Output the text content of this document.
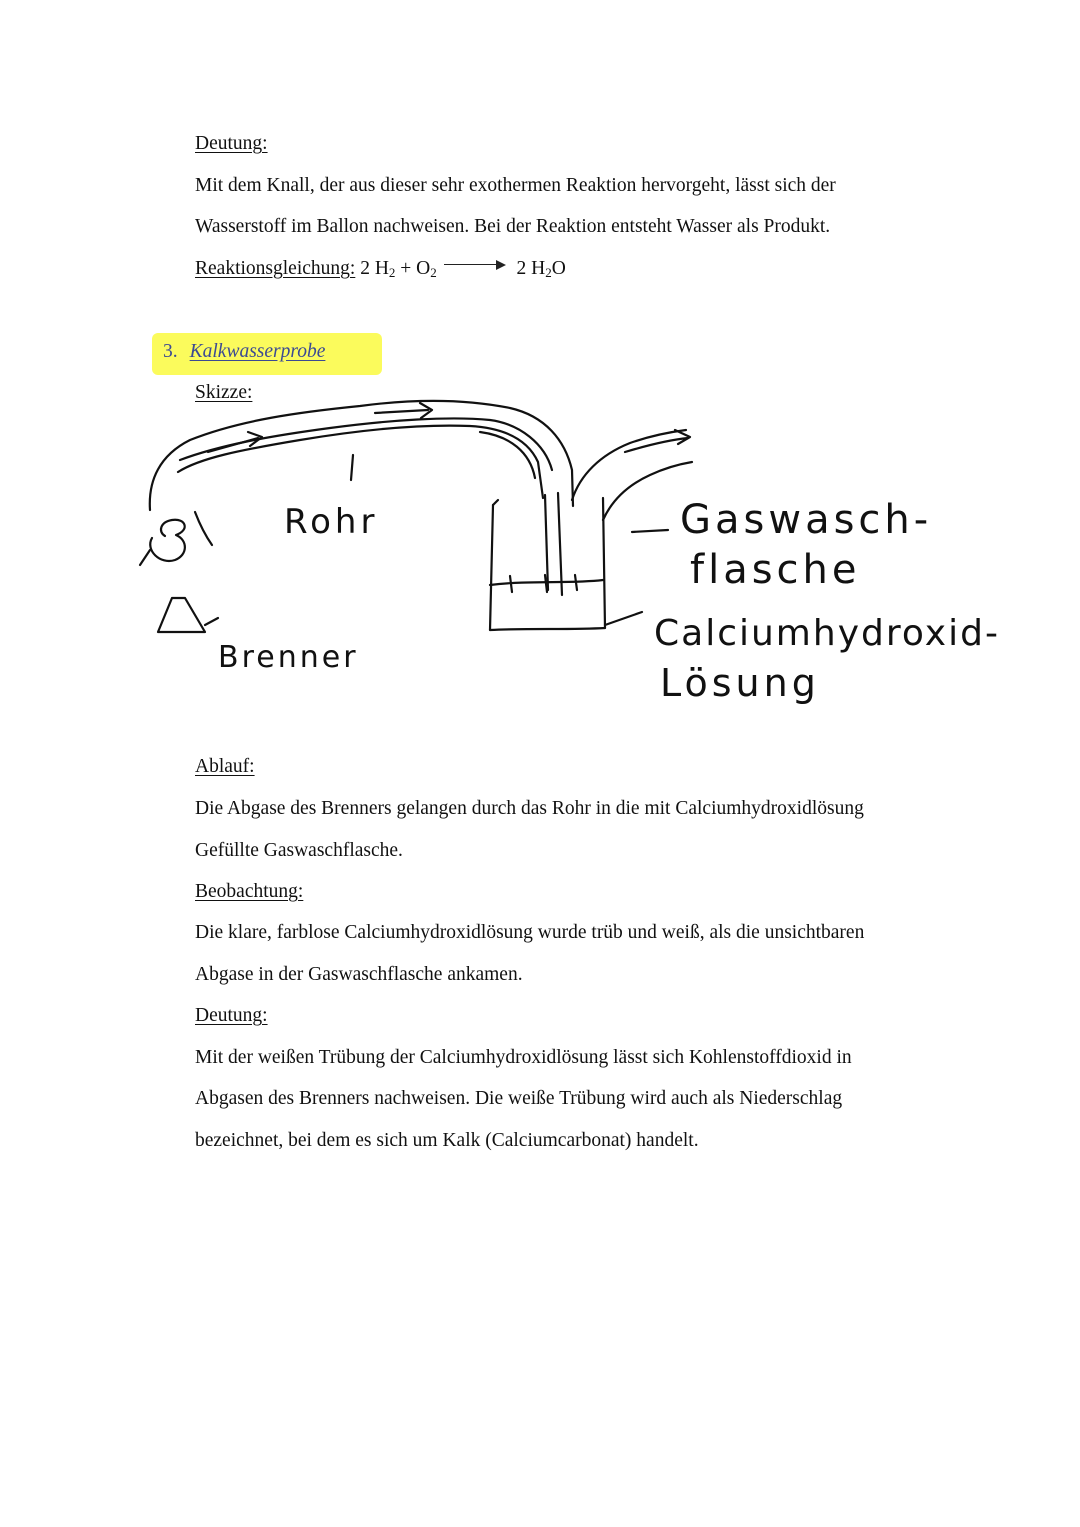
Deutung:
Mit dem Knall, der aus dieser sehr exothermen Reaktion hervorgeht, lässt sich der
Wasserstoff im Ballon nachweisen. Bei der Reaktion entsteht Wasser als Produkt.
Reaktionsgleichung: 2 H2 + O2	2 H2O
3. Kalkwasserprobe
Skizze:
Rohr
Brenner
Gaswasch-
flasche
Calciumhydroxid-
Lösung
Ablauf:
Die Abgase des Brenners gelangen durch das Rohr in die mit Calciumhydroxidlösung
Gefüllte Gaswaschflasche.
Beobachtung:
Die klare, farblose Calciumhydroxidlösung wurde trüb und weiß, als die unsichtbaren
Abgase in der Gaswaschflasche ankamen.
Deutung:
Mit der weißen Trübung der Calciumhydroxidlösung lässt sich Kohlenstoffdioxid in
Abgasen des Brenners nachweisen. Die weiße Trübung wird auch als Niederschlag
bezeichnet, bei dem es sich um Kalk (Calciumcarbonat) handelt.
